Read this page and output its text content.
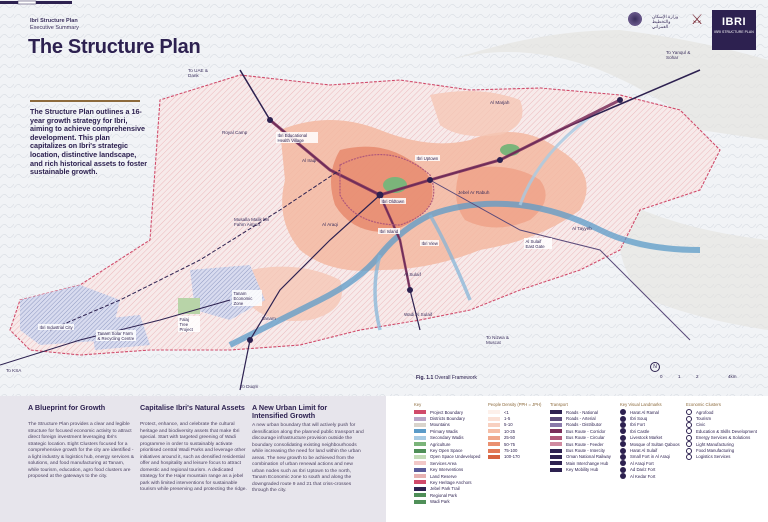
Ibri Structure Plan
Executive Summary
The Structure Plan
The Structure Plan outlines a 16-year growth strategy for Ibri, aiming to achieve comprehensive development. This plan capitalizes on Ibri's strategic location, distinctive landscape, and rich historical assets to foster sustainable growth.
وزارة الإسكان والتخطيط العمراني	⚔	IBRI
IBRI STRUCTURE PLAN
To UAE & Dank
To Yanqul & Sohar
To KSA
To Duqm
To Nizwa & Muscat
Royal Camp	Ibri Educational Health Village
Al Iraqi	Ibri Uptown
Ibri Oldtown
Ibri Island
Ibri View
Ibri Industrial City
Tanam Economic Zone
Tanam Solar Farm & Recycling Centre
Falaj Tree Project
Al Sulaif East Gate
Al Tayyeb
Musalla Malik bin Fahm Airport
Tanam
Al Sulaif
Wadi Al Sulaif
Al Marjah
Al Araqi
Jebel Ar Rabuh
Fig. 1.1 Overall Framework
N
0	1	2	4km
A Blueprint for Growth

The Structure Plan provides a clear and legible structure for focused economic activity to attract direct foreign investment leveraging Ibri's strategic location. Eight Clusters focused for a comprehensive growth for the city are identified - a light industry & logistics hub, energy services & solutions, and food manufacturing at Tanam, while tourism, education, agro food clusters are proposed at the gateways to the city.

Capitalise Ibri's Natural Assets

Protect, enhance, and celebrate the cultural heritage and biodiversity assets that make Ibri special. Start with targeted greening of Wadi programme in order to sustainably activate prioritised central Wadi Parks and leverage other initiatives around it, such as densified residential offer and hospitality and leisure focus to attract domestic and regional tourism. A dedicated strategy for the Hajar mountain range as a jebel park with limited interventions for sustainable tourism while preserving and protecting the ridge.

A New Urban Limit for Intensified Growth

A new urban boundary that will actively push for densification along the planned public transport and discourage infrastructure provision outside the boundary consolidating existing neighbourhoods while increasing the need for land within the urban areas. The new growth to be achieved from the combination of urban renewal actions and new urban nodes such as Ibri Uptown to the north, Tanam Economic zone to south and along the downgraded route 9 and 21 that criss-crosses through the city.

Key
Project Boundary
Districts Boundary
Mountains
Primary Wadis
Secondary Wadis
Agriculture
Key Open Space
Open Space Undeveloped
Services Area
Key Interventions
Land Reserve
Key Heritage Anchors
Jebel Park Trail
Regional Park
Wadi Park
People Density (PPH = JPH)
<1
1-5
5-10
10-25
25-50
50-75
75-100
100-170
Transport
Roads - National
Roads - Arterial
Roads - Distributor
Bus Route - Corridor
Bus Route - Circular
Bus Route - Feeder
Bus Route - Intercity
Oman National Railway
Main Interchange Hub
Key Mobility Hub
Key Visual Landmarks
Harat Al Ramal
Ibri Souq
Ibri Fort
Ibri Castle
Livestock Market
Mosque of Sultan Qaboos
Harat Al Sulaif
Small Fort in Al Araqi
Al Araqi Fort
Ad Dariz Fort
Al Kedar Fort
Economic Clusters
Agrofood
Tourism
Civic
Education & Skills Development
Energy Services & Solutions
Light Manufacturing
Food Manufacturing
Logistics Services
